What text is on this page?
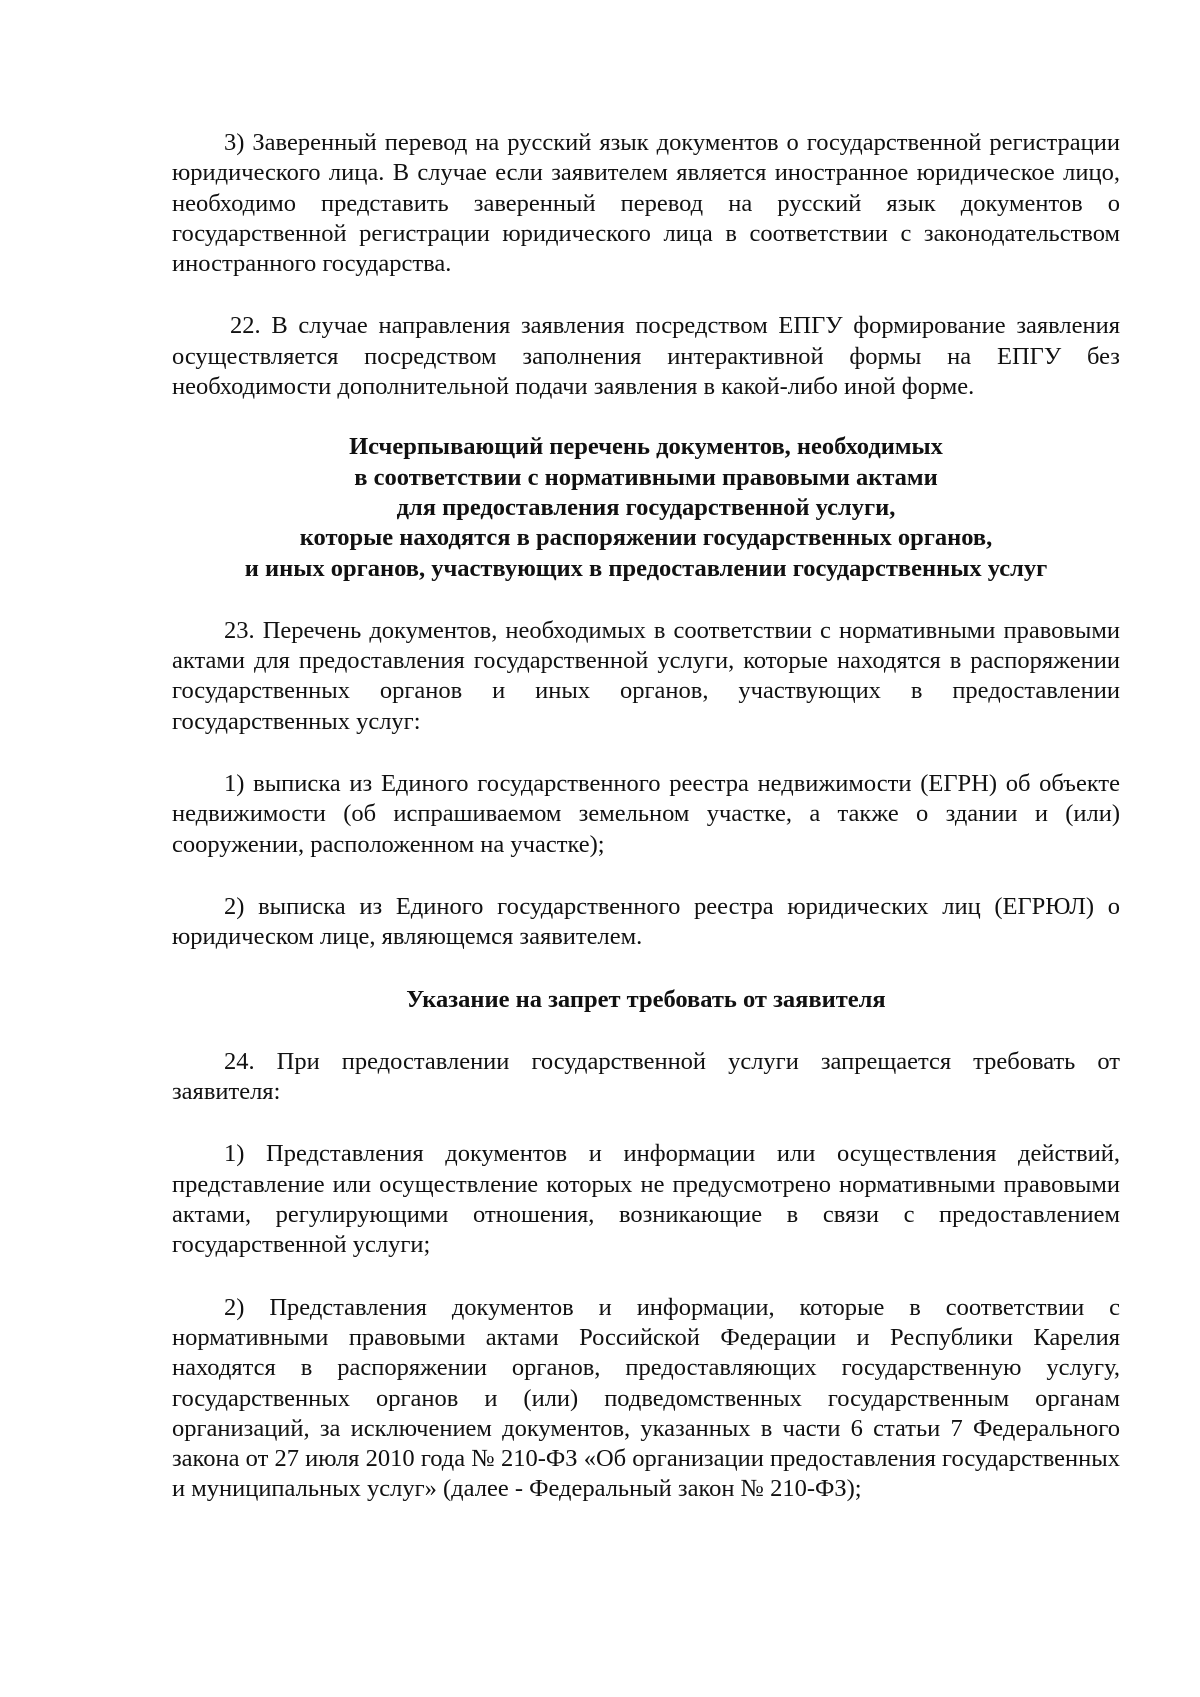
3) Заверенный перевод на русский язык документов о государственной регистрации юридического лица. В случае если заявителем является иностранное юридическое лицо, необходимо представить заверенный перевод на русский язык документов о государственной регистрации юридического лица в соответствии с законодательством иностранного государства.

22. В случае направления заявления посредством ЕПГУ формирование заявления осуществляется посредством заполнения интерактивной формы на ЕПГУ без необходимости дополнительной подачи заявления в какой-либо иной форме.

Исчерпывающий перечень документов, необходимых
в соответствии с нормативными правовыми актами
для предоставления государственной услуги,
которые находятся в распоряжении государственных органов,
и иных органов, участвующих в предоставлении государственных услуг

23. Перечень документов, необходимых в соответствии с нормативными правовыми актами для предоставления государственной услуги, которые находятся в распоряжении государственных органов и иных органов, участвующих в предоставлении государственных услуг:

1) выписка из Единого государственного реестра недвижимости (ЕГРН) об объекте недвижимости (об испрашиваемом земельном участке, а также о здании и (или) сооружении, расположенном на участке);

2) выписка из Единого государственного реестра юридических лиц (ЕГРЮЛ) о юридическом лице, являющемся заявителем.

Указание на запрет требовать от заявителя

24. При предоставлении государственной услуги запрещается требовать от заявителя:

1) Представления документов и информации или осуществления действий, представление или осуществление которых не предусмотрено нормативными правовыми актами, регулирующими отношения, возникающие в связи с предоставлением государственной услуги;

2) Представления документов и информации, которые в соответствии с нормативными правовыми актами Российской Федерации и Республики Карелия находятся в распоряжении органов, предоставляющих государственную услугу, государственных органов и (или) подведомственных государственным органам организаций, за исключением документов, указанных в части 6 статьи 7 Федерального закона от 27 июля 2010 года № 210-ФЗ «Об организации предоставления государственных и муниципальных услуг» (далее - Федеральный закон № 210-ФЗ);
